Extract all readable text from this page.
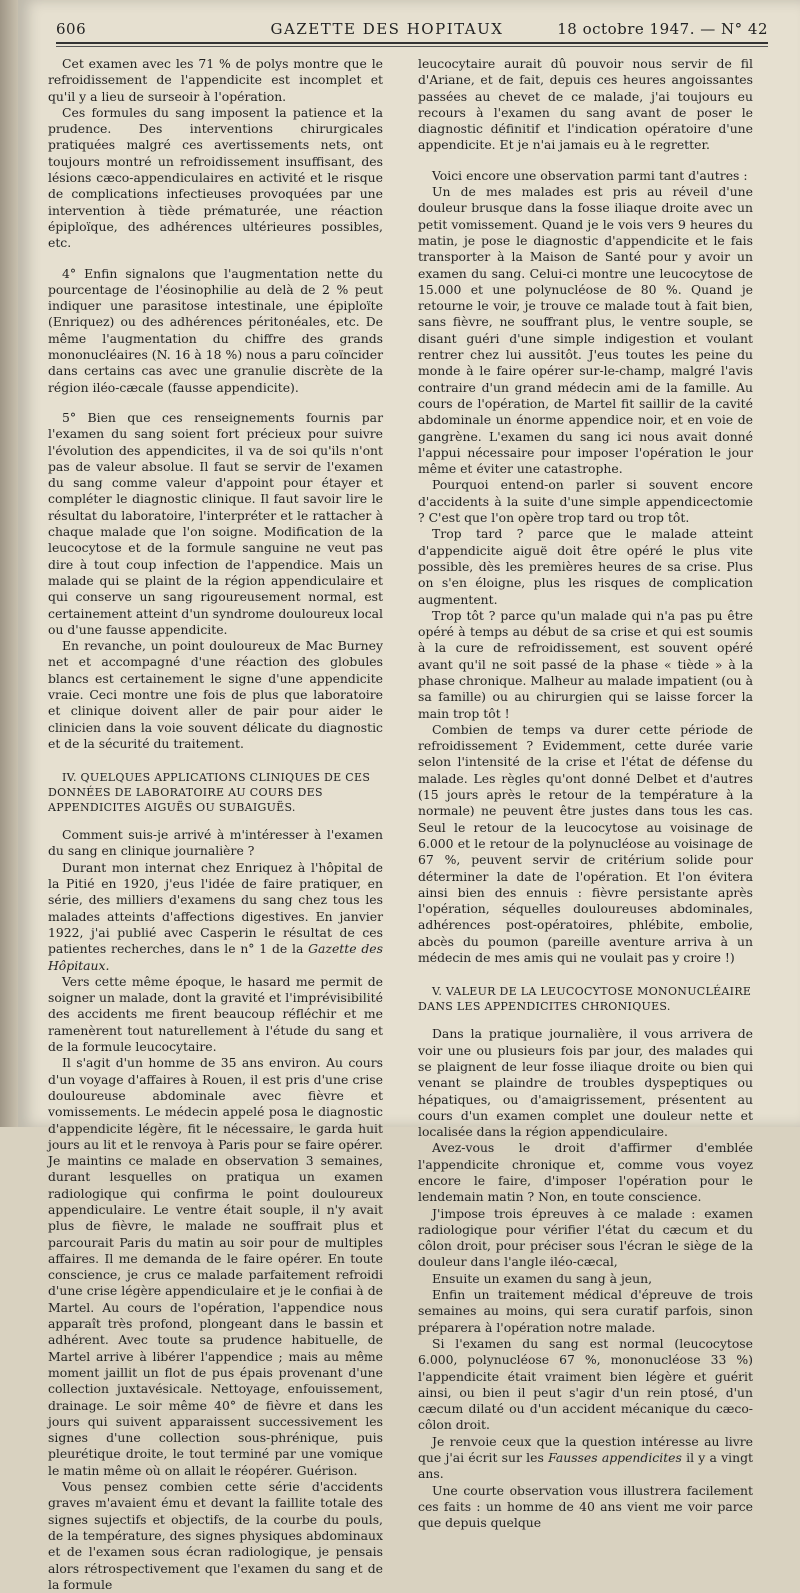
606	GAZETTE DES HOPITAUX	18 octobre 1947. — N° 42

Cet examen avec les 71 % de polys montre que le refroidissement de l'appendicite est incomplet et qu'il y a lieu de surseoir à l'opération.

Ces formules du sang imposent la patience et la prudence. Des interventions chirurgicales pratiquées malgré ces avertissements nets, ont toujours montré un refroidissement insuffisant, des lésions cæco-appendiculaires en activité et le risque de complications infectieuses provoquées par une intervention à tiède prématurée, une réaction épiploïque, des adhérences ultérieures possibles, etc.

4° Enfin signalons que l'augmentation nette du pourcentage de l'éosinophilie au delà de 2 % peut indiquer une parasitose intestinale, une épiploïte (Enriquez) ou des adhérences péritonéales, etc. De même l'augmentation du chiffre des grands mononucléaires (N. 16 à 18 %) nous a paru coïncider dans certains cas avec une granulie discrète de la région iléo-cæcale (fausse appendicite).

5° Bien que ces renseignements fournis par l'examen du sang soient fort précieux pour suivre l'évolution des appendicites, il va de soi qu'ils n'ont pas de valeur absolue. Il faut se servir de l'examen du sang comme valeur d'appoint pour étayer et compléter le diagnostic clinique. Il faut savoir lire le résultat du laboratoire, l'interpréter et le rattacher à chaque malade que l'on soigne. Modification de la leucocytose et de la formule sanguine ne veut pas dire à tout coup infection de l'appendice. Mais un malade qui se plaint de la région appendiculaire et qui conserve un sang rigoureusement normal, est certainement atteint d'un syndrome douloureux local ou d'une fausse appendicite.

En revanche, un point douloureux de Mac Burney net et accompagné d'une réaction des globules blancs est certainement le signe d'une appendicite vraie. Ceci montre une fois de plus que laboratoire et clinique doivent aller de pair pour aider le clinicien dans la voie souvent délicate du diagnostic et de la sécurité du traitement.

IV. QUELQUES APPLICATIONS CLINIQUES DE CES DONNÉES DE LABORATOIRE AU COURS DES APPENDICITES AIGUËS OU SUBAIGUËS.

Comment suis-je arrivé à m'intéresser à l'examen du sang en clinique journalière ?

Durant mon internat chez Enriquez à l'hôpital de la Pitié en 1920, j'eus l'idée de faire pratiquer, en série, des milliers d'examens du sang chez tous les malades atteints d'affections digestives. En janvier 1922, j'ai publié avec Casperin le résultat de ces patientes recherches, dans le n° 1 de la Gazette des Hôpitaux.

Vers cette même époque, le hasard me permit de soigner un malade, dont la gravité et l'imprévisibilité des accidents me firent beaucoup réfléchir et me ramenèrent tout naturellement à l'étude du sang et de la formule leucocytaire.

Il s'agit d'un homme de 35 ans environ. Au cours d'un voyage d'affaires à Rouen, il est pris d'une crise douloureuse abdominale avec fièvre et vomissements. Le médecin appelé posa le diagnostic d'appendicite légère, fit le nécessaire, le garda huit jours au lit et le renvoya à Paris pour se faire opérer. Je maintins ce malade en observation 3 semaines, durant lesquelles on pratiqua un examen radiologique qui confirma le point douloureux appendiculaire. Le ventre était souple, il n'y avait plus de fièvre, le malade ne souffrait plus et parcourait Paris du matin au soir pour de multiples affaires. Il me demanda de le faire opérer. En toute conscience, je crus ce malade parfaitement refroidi d'une crise légère appendiculaire et je le confiai à de Martel. Au cours de l'opération, l'appendice nous apparaît très profond, plongeant dans le bassin et adhérent. Avec toute sa prudence habituelle, de Martel arrive à libérer l'appendice ; mais au même moment jaillit un flot de pus épais provenant d'une collection juxtavésicale. Nettoyage, enfouissement, drainage. Le soir même 40° de fièvre et dans les jours qui suivent apparaissent successivement les signes d'une collection sous-phrénique, puis pleurétique droite, le tout terminé par une vomique le matin même où on allait le réopérer. Guérison.

Vous pensez combien cette série d'accidents graves m'avaient ému et devant la faillite totale des signes sujectifs et objectifs, de la courbe du pouls, de la température, des signes physiques abdominaux et de l'examen sous écran radiologique, je pensais alors rétrospectivement que l'examen du sang et de la formule

leucocytaire aurait dû pouvoir nous servir de fil d'Ariane, et de fait, depuis ces heures angoissantes passées au chevet de ce malade, j'ai toujours eu recours à l'examen du sang avant de poser le diagnostic définitif et l'indication opératoire d'une appendicite. Et je n'ai jamais eu à le regretter.

Voici encore une observation parmi tant d'autres :

Un de mes malades est pris au réveil d'une douleur brusque dans la fosse iliaque droite avec un petit vomissement. Quand je le vois vers 9 heures du matin, je pose le diagnostic d'appendicite et le fais transporter à la Maison de Santé pour y avoir un examen du sang. Celui-ci montre une leucocytose de 15.000 et une polynucléose de 80 %. Quand je retourne le voir, je trouve ce malade tout à fait bien, sans fièvre, ne souffrant plus, le ventre souple, se disant guéri d'une simple indigestion et voulant rentrer chez lui aussitôt. J'eus toutes les peine du monde à le faire opérer sur-le-champ, malgré l'avis contraire d'un grand médecin ami de la famille. Au cours de l'opération, de Martel fit saillir de la cavité abdominale un énorme appendice noir, et en voie de gangrène. L'examen du sang ici nous avait donné l'appui nécessaire pour imposer l'opération le jour même et éviter une catastrophe.

Pourquoi entend-on parler si souvent encore d'accidents à la suite d'une simple appendicectomie ? C'est que l'on opère trop tard ou trop tôt.

Trop tard ? parce que le malade atteint d'appendicite aiguë doit être opéré le plus vite possible, dès les premières heures de sa crise. Plus on s'en éloigne, plus les risques de complication augmentent.

Trop tôt ? parce qu'un malade qui n'a pas pu être opéré à temps au début de sa crise et qui est soumis à la cure de refroidissement, est souvent opéré avant qu'il ne soit passé de la phase « tiède » à la phase chronique. Malheur au malade impatient (ou à sa famille) ou au chirurgien qui se laisse forcer la main trop tôt !

Combien de temps va durer cette période de refroidissement ? Evidemment, cette durée varie selon l'intensité de la crise et l'état de défense du malade. Les règles qu'ont donné Delbet et d'autres (15 jours après le retour de la température à la normale) ne peuvent être justes dans tous les cas. Seul le retour de la leucocytose au voisinage de 6.000 et le retour de la polynucléose au voisinage de 67 %, peuvent servir de critérium solide pour déterminer la date de l'opération. Et l'on évitera ainsi bien des ennuis : fièvre persistante après l'opération, séquelles douloureuses abdominales, adhérences post-opératoires, phlébite, embolie, abcès du poumon (pareille aventure arriva à un médecin de mes amis qui ne voulait pas y croire !)

V. VALEUR DE LA LEUCOCYTOSE MONONUCLÉAIRE DANS LES APPENDICITES CHRONIQUES.

Dans la pratique journalière, il vous arrivera de voir une ou plusieurs fois par jour, des malades qui se plaignent de leur fosse iliaque droite ou bien qui venant se plaindre de troubles dyspeptiques ou hépatiques, ou d'amaigrissement, présentent au cours d'un examen complet une douleur nette et localisée dans la région appendiculaire.

Avez-vous le droit d'affirmer d'emblée l'appendicite chronique et, comme vous voyez encore le faire, d'imposer l'opération pour le lendemain matin ? Non, en toute conscience.

J'impose trois épreuves à ce malade : examen radiologique pour vérifier l'état du cæcum et du côlon droit, pour préciser sous l'écran le siège de la douleur dans l'angle iléo-cæcal,

Ensuite un examen du sang à jeun,

Enfin un traitement médical d'épreuve de trois semaines au moins, qui sera curatif parfois, sinon préparera à l'opération notre malade.

Si l'examen du sang est normal (leucocytose 6.000, polynucléose 67 %, mononucléose 33 %) l'appendicite était vraiment bien légère et guérit ainsi, ou bien il peut s'agir d'un rein ptosé, d'un cæcum dilaté ou d'un accident mécanique du cæco-côlon droit.

Je renvoie ceux que la question intéresse au livre que j'ai écrit sur les Fausses appendicites il y a vingt ans.

Une courte observation vous illustrera facilement ces faits : un homme de 40 ans vient me voir parce que depuis quelque
